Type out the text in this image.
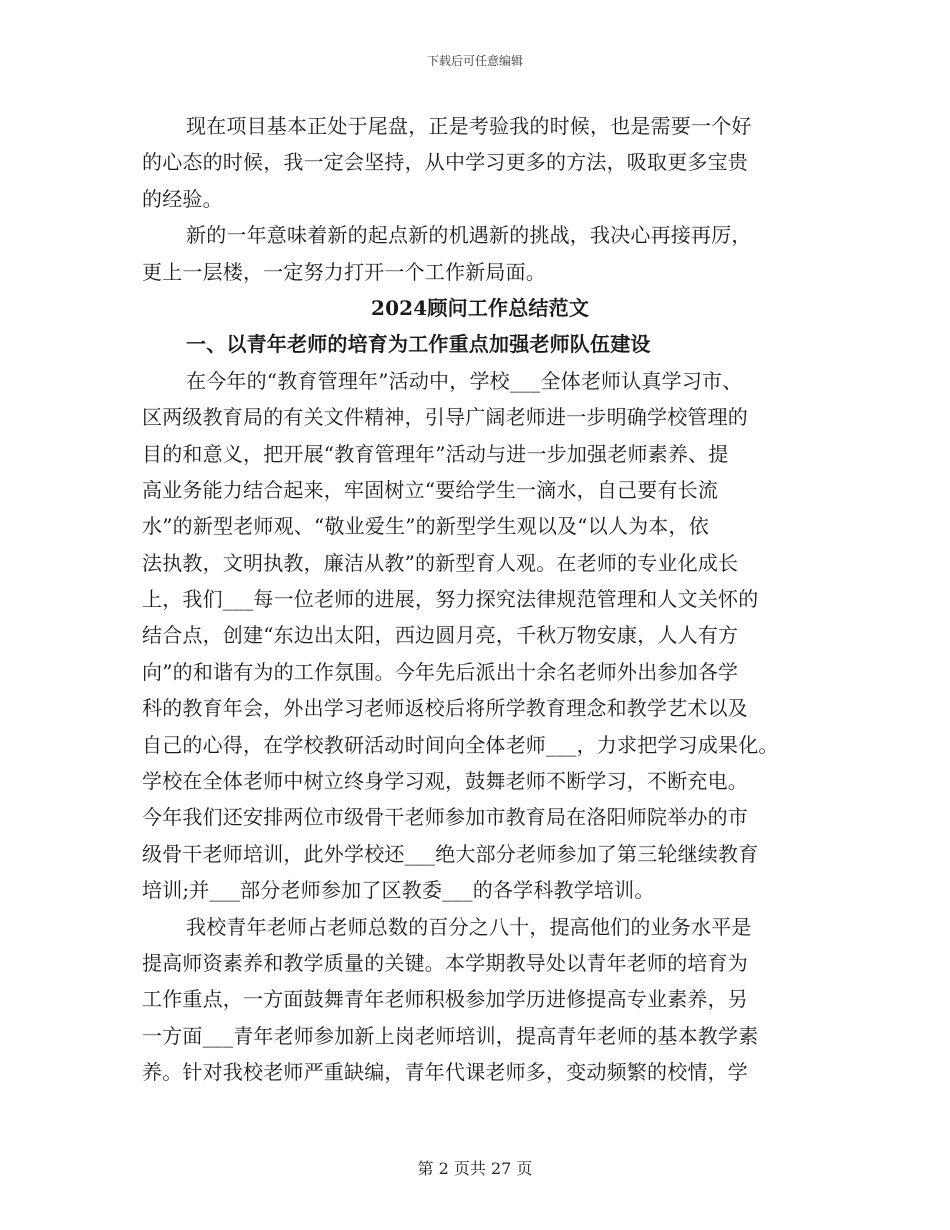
下载后可任意编辑
现在项目基本正处于尾盘，正是考验我的时候，也是需要一个好
的心态的时候，我一定会坚持，从中学习更多的方法，吸取更多宝贵
的经验。
新的一年意味着新的起点新的机遇新的挑战，我决心再接再厉，
更上一层楼，一定努力打开一个工作新局面。
2024顾问工作总结范文
一、以青年老师的培育为工作重点加强老师队伍建设
在今年的“教育管理年”活动中，学校___全体老师认真学习市、
区两级教育局的有关文件精神，引导广阔老师进一步明确学校管理的
目的和意义，把开展“教育管理年”活动与进一步加强老师素养、提
高业务能力结合起来，牢固树立“要给学生一滴水，自己要有长流
水”的新型老师观、“敬业爱生”的新型学生观以及“以人为本，依
法执教，文明执教，廉洁从教”的新型育人观。在老师的专业化成长
上，我们___每一位老师的进展，努力探究法律规范管理和人文关怀的
结合点，创建“东边出太阳，西边圆月亮，千秋万物安康，人人有方
向”的和谐有为的工作氛围。今年先后派出十余名老师外出参加各学
科的教育年会，外出学习老师返校后将所学教育理念和教学艺术以及
自己的心得，在学校教研活动时间向全体老师___，力求把学习成果化。
学校在全体老师中树立终身学习观，鼓舞老师不断学习，不断充电。
今年我们还安排两位市级骨干老师参加市教育局在洛阳师院举办的市
级骨干老师培训，此外学校还___绝大部分老师参加了第三轮继续教育
培训;并___部分老师参加了区教委___的各学科教学培训。
我校青年老师占老师总数的百分之八十，提高他们的业务水平是
提高师资素养和教学质量的关键。本学期教导处以青年老师的培育为
工作重点，一方面鼓舞青年老师积极参加学历进修提高专业素养，另
一方面___青年老师参加新上岗老师培训，提高青年老师的基本教学素
养。针对我校老师严重缺编，青年代课老师多，变动频繁的校情，学
第 2 页共 27 页
